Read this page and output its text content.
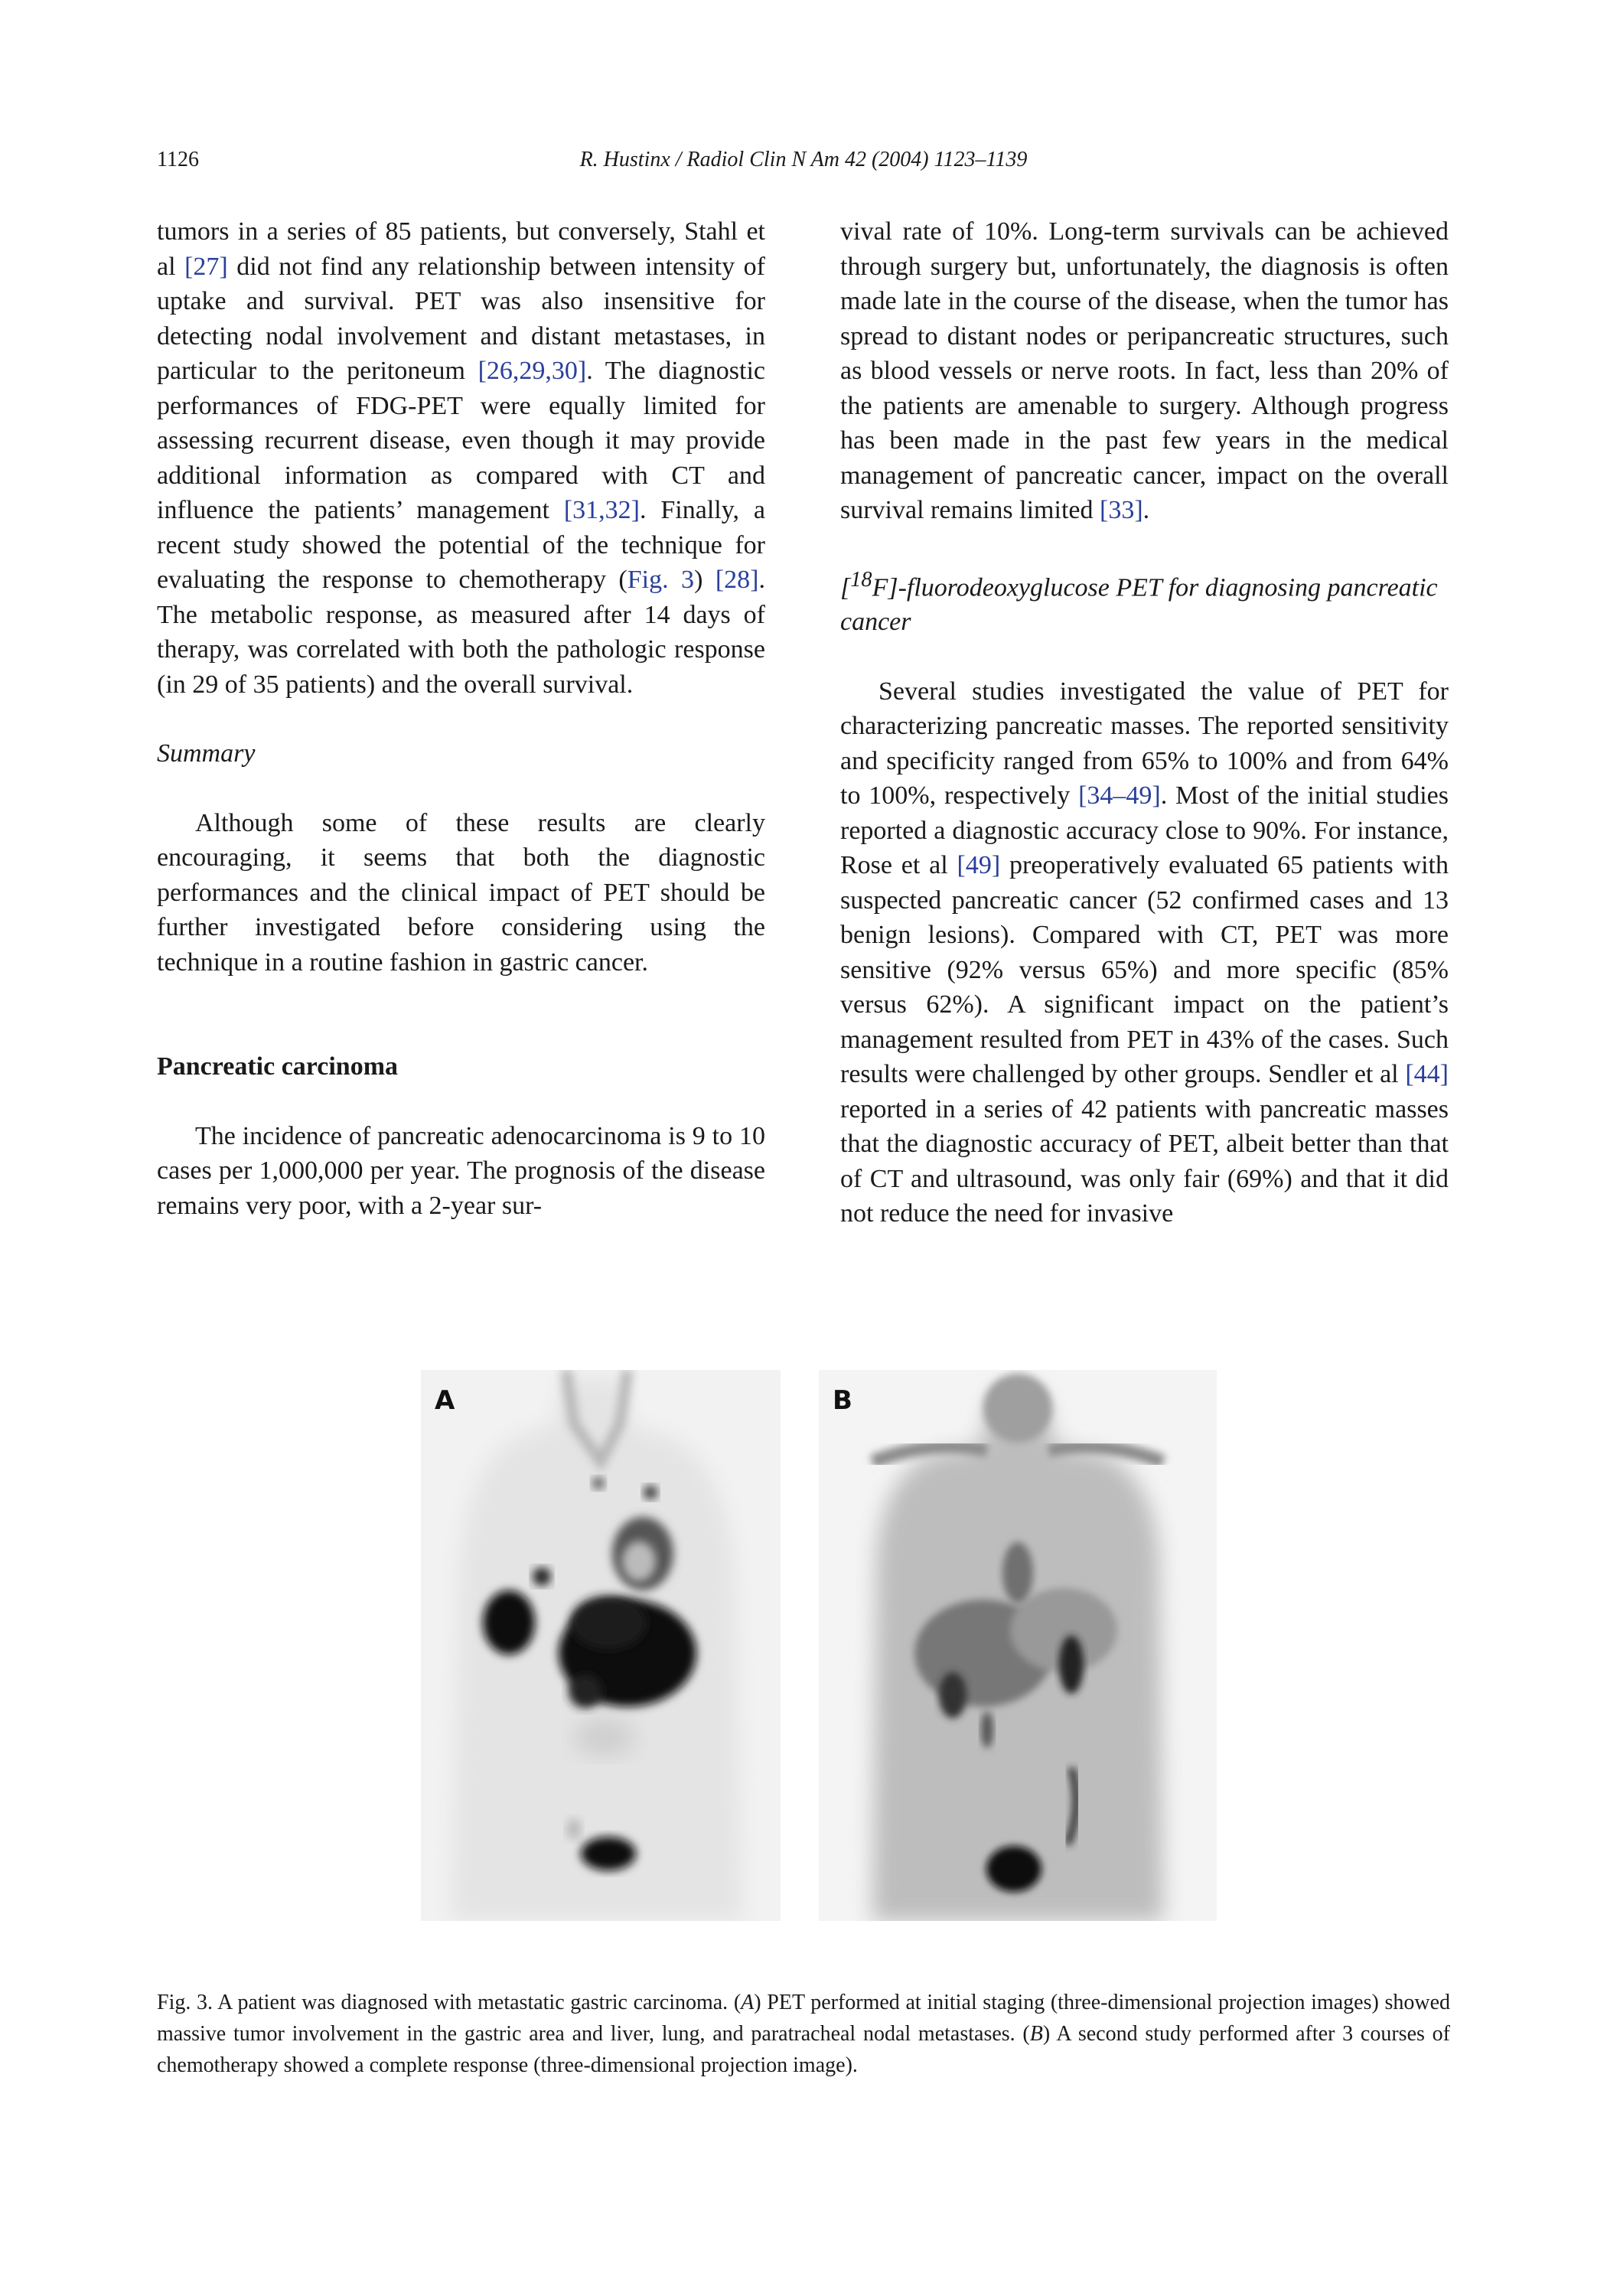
1126	R. Hustinx / Radiol Clin N Am 42 (2004) 1123–1139

tumors in a series of 85 patients, but conversely, Stahl et al [27] did not find any relationship between intensity of uptake and survival. PET was also insensitive for detecting nodal involvement and distant metastases, in particular to the peritoneum [26,29,30]. The diagnostic performances of FDG-PET were equally limited for assessing recurrent disease, even though it may provide additional information as compared with CT and influence the patients’ management [31,32]. Finally, a recent study showed the potential of the technique for evaluating the response to chemotherapy (Fig. 3) [28]. The metabolic response, as measured after 14 days of therapy, was correlated with both the pathologic response (in 29 of 35 patients) and the overall survival.

Summary

Although some of these results are clearly encouraging, it seems that both the diagnostic performances and the clinical impact of PET should be further investigated before considering using the technique in a routine fashion in gastric cancer.

Pancreatic carcinoma

The incidence of pancreatic adenocarcinoma is 9 to 10 cases per 1,000,000 per year. The prognosis of the disease remains very poor, with a 2-year sur-

vival rate of 10%. Long-term survivals can be achieved through surgery but, unfortunately, the diagnosis is often made late in the course of the disease, when the tumor has spread to distant nodes or peripancreatic structures, such as blood vessels or nerve roots. In fact, less than 20% of the patients are amenable to surgery. Although progress has been made in the past few years in the medical management of pancreatic cancer, impact on the overall survival remains limited [33].

[$^{18}$F]-fluorodeoxyglucose PET for diagnosing pancreatic cancer

Several studies investigated the value of PET for characterizing pancreatic masses. The reported sensitivity and specificity ranged from 65% to 100% and from 64% to 100%, respectively [34–49]. Most of the initial studies reported a diagnostic accuracy close to 90%. For instance, Rose et al [49] preoperatively evaluated 65 patients with suspected pancreatic cancer (52 confirmed cases and 13 benign lesions). Compared with CT, PET was more sensitive (92% versus 65%) and more specific (85% versus 62%). A significant impact on the patient’s management resulted from PET in 43% of the cases. Such results were challenged by other groups. Sendler et al [44] reported in a series of 42 patients with pancreatic masses that the diagnostic accuracy of PET, albeit better than that of CT and ultrasound, was only fair (69%) and that it did not reduce the need for invasive

A	B

Fig. 3. A patient was diagnosed with metastatic gastric carcinoma. (A) PET performed at initial staging (three-dimensional projection images) showed massive tumor involvement in the gastric area and liver, lung, and paratracheal nodal metastases. (B) A second study performed after 3 courses of chemotherapy showed a complete response (three-dimensional projection image).
